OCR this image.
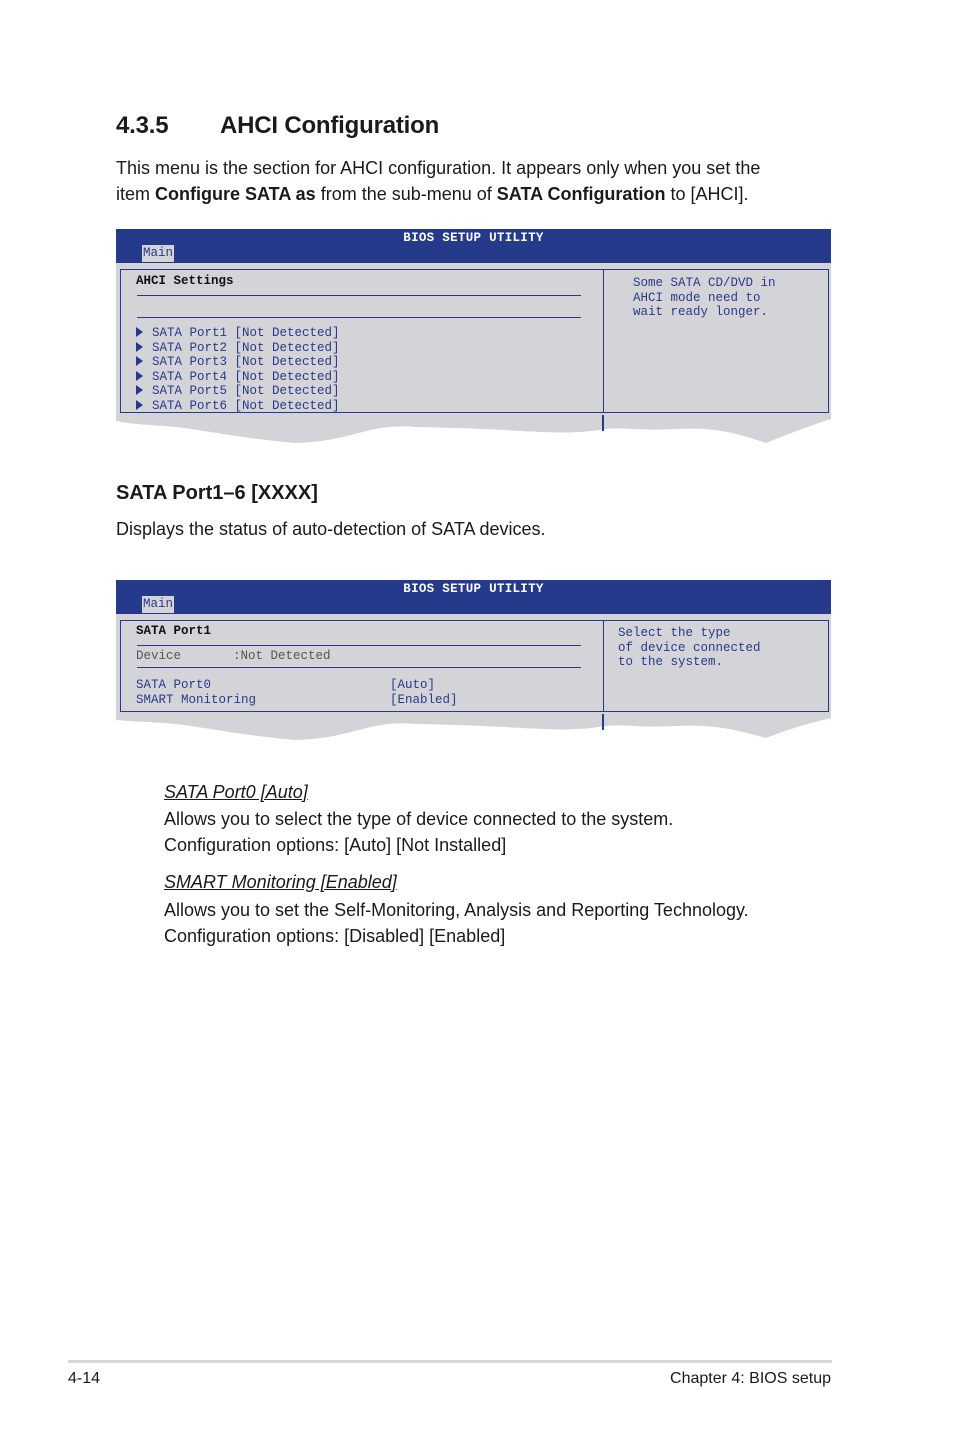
4.3.5 AHCI Configuration
This menu is the section for AHCI configuration. It appears only when you set the
item Configure SATA as from the sub-menu of SATA Configuration to [AHCI].
BIOS SETUP UTILITY
Main
AHCI Settings
SATA Port1 [Not Detected]
SATA Port2 [Not Detected]
SATA Port3 [Not Detected]
SATA Port4 [Not Detected]
SATA Port5 [Not Detected]
SATA Port6 [Not Detected]
Some SATA CD/DVD in
AHCI mode need to
wait ready longer.
SATA Port1–6 [XXXX]
Displays the status of auto-detection of SATA devices.
BIOS SETUP UTILITY
Main
SATA Port1
Device	:Not Detected
SATA Port0	[Auto]
SMART Monitoring	[Enabled]
Select the type
of device connected
to the system.
SATA Port0 [Auto]
Allows you to select the type of device connected to the system.
Configuration options: [Auto] [Not Installed]
SMART Monitoring [Enabled]
Allows you to set the Self-Monitoring, Analysis and Reporting Technology.
Configuration options: [Disabled] [Enabled]
4-14	Chapter 4: BIOS setup
